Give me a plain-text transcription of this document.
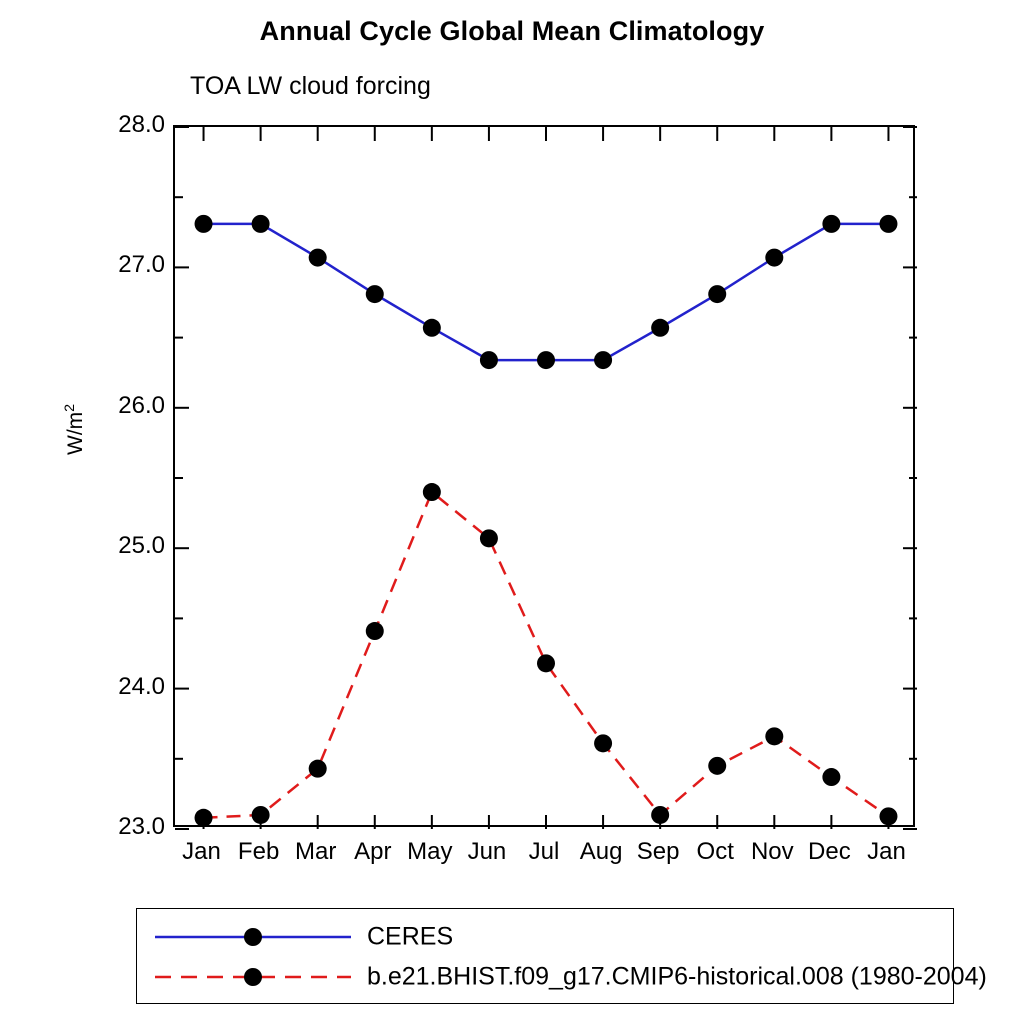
Annual Cycle Global Mean Climatology
TOA LW cloud forcing
$W/m^2$
28.0
27.0
26.0
25.0
24.0
23.0
Jan Feb Mar Apr May Jun Jul Aug Sep Oct Nov Dec Jan
CERES
b.e21.BHIST.f09_g17.CMIP6-historical.008 (1980-2004)
